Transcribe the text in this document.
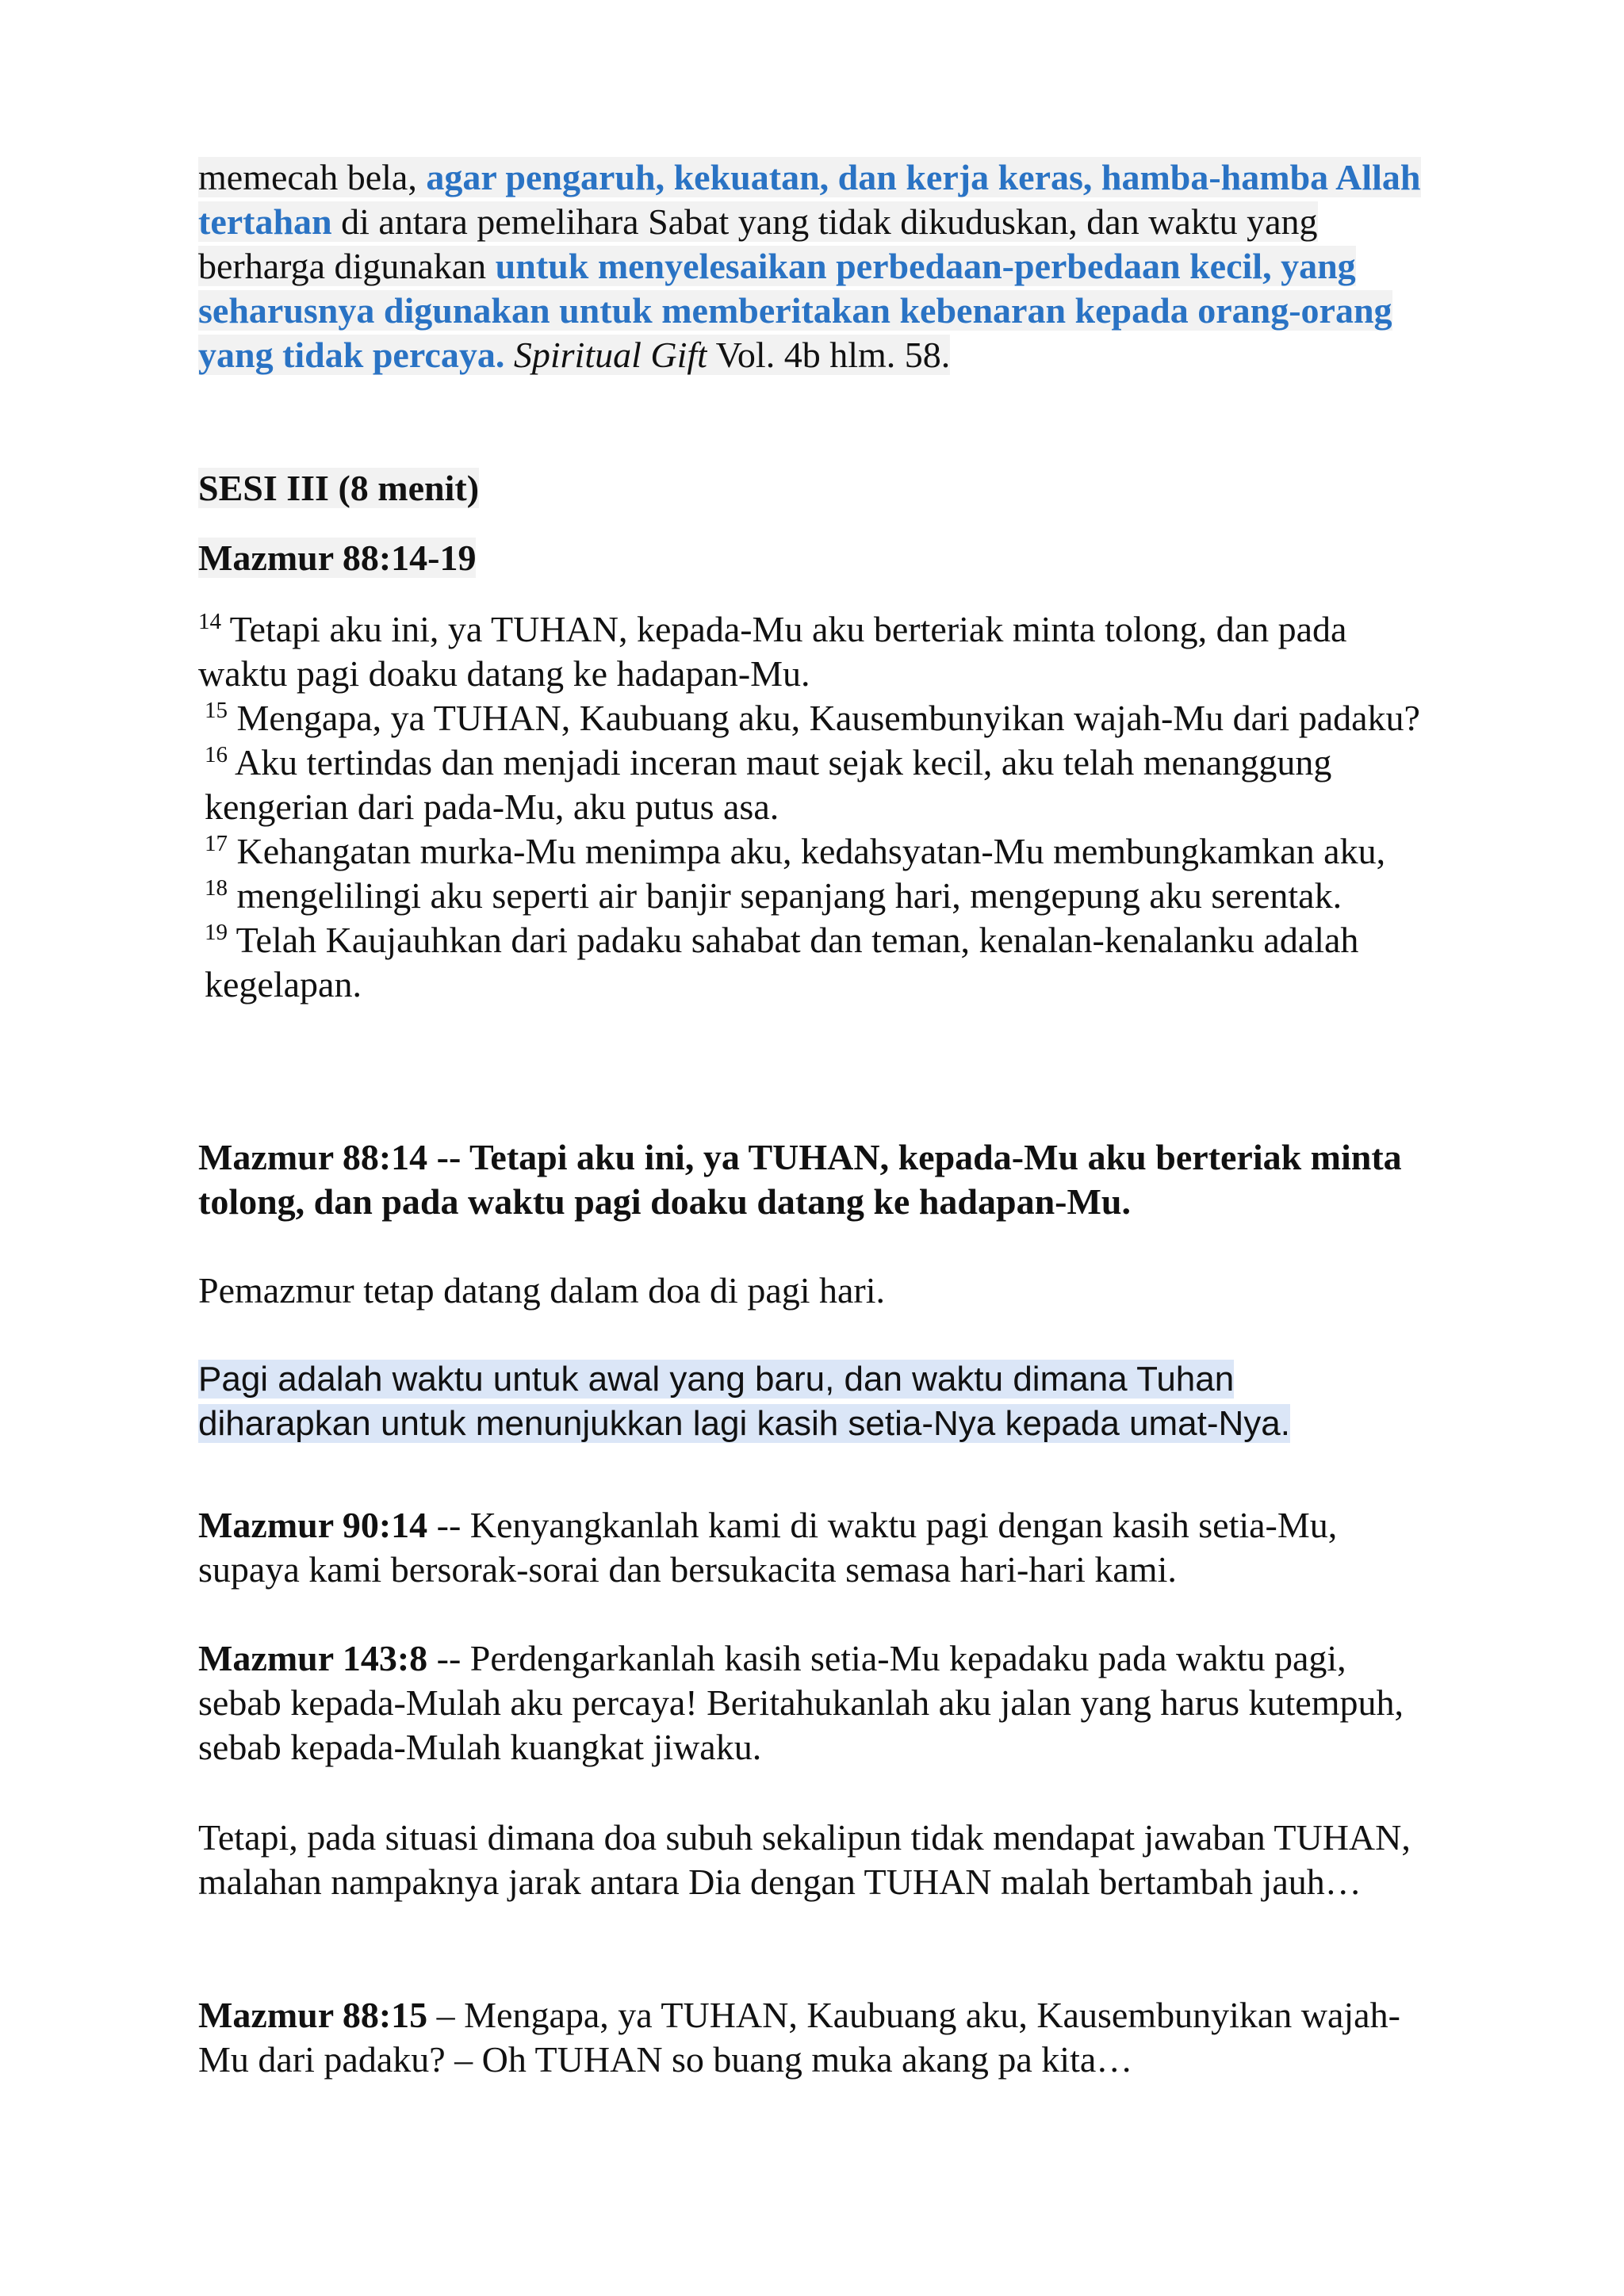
memecah bela, agar pengaruh, kekuatan, dan kerja keras, hamba-hamba Allah tertahan di antara pemelihara Sabat yang tidak dikuduskan, dan waktu yang berharga digunakan untuk menyelesaikan perbedaan-perbedaan kecil, yang seharusnya digunakan untuk memberitakan kebenaran kepada orang-orang yang tidak percaya. Spiritual Gift Vol. 4b hlm. 58.
SESI III (8 menit)
Mazmur 88:14-19
$^{14}$ Tetapi aku ini, ya TUHAN, kepada-Mu aku berteriak minta tolong, dan pada waktu pagi doaku datang ke hadapan-Mu.
$^{15}$ Mengapa, ya TUHAN, Kaubuang aku, Kausembunyikan wajah-Mu dari padaku?
$^{16}$ Aku tertindas dan menjadi inceran maut sejak kecil, aku telah menanggung kengerian dari pada-Mu, aku putus asa.
$^{17}$ Kehangatan murka-Mu menimpa aku, kedahsyatan-Mu membungkamkan aku,
$^{18}$ mengelilingi aku seperti air banjir sepanjang hari, mengepung aku serentak.
$^{19}$ Telah Kaujauhkan dari padaku sahabat dan teman, kenalan-kenalanku adalah kegelapan.
Mazmur 88:14 -- Tetapi aku ini, ya TUHAN, kepada-Mu aku berteriak minta tolong, dan pada waktu pagi doaku datang ke hadapan-Mu.
Pemazmur tetap datang dalam doa di pagi hari.
Pagi adalah waktu untuk awal yang baru, dan waktu dimana Tuhan
diharapkan untuk menunjukkan lagi kasih setia-Nya kepada umat-Nya.
Mazmur 90:14 -- Kenyangkanlah kami di waktu pagi dengan kasih setia-Mu, supaya kami bersorak-sorai dan bersukacita semasa hari-hari kami.
Mazmur 143:8 -- Perdengarkanlah kasih setia-Mu kepadaku pada waktu pagi, sebab kepada-Mulah aku percaya! Beritahukanlah aku jalan yang harus kutempuh, sebab kepada-Mulah kuangkat jiwaku.
Tetapi, pada situasi dimana doa subuh sekalipun tidak mendapat jawaban TUHAN, malahan nampaknya jarak antara Dia dengan TUHAN malah bertambah jauh…
Mazmur 88:15 – Mengapa, ya TUHAN, Kaubuang aku, Kausembunyikan wajah-Mu dari padaku? – Oh TUHAN so buang muka akang pa kita…
